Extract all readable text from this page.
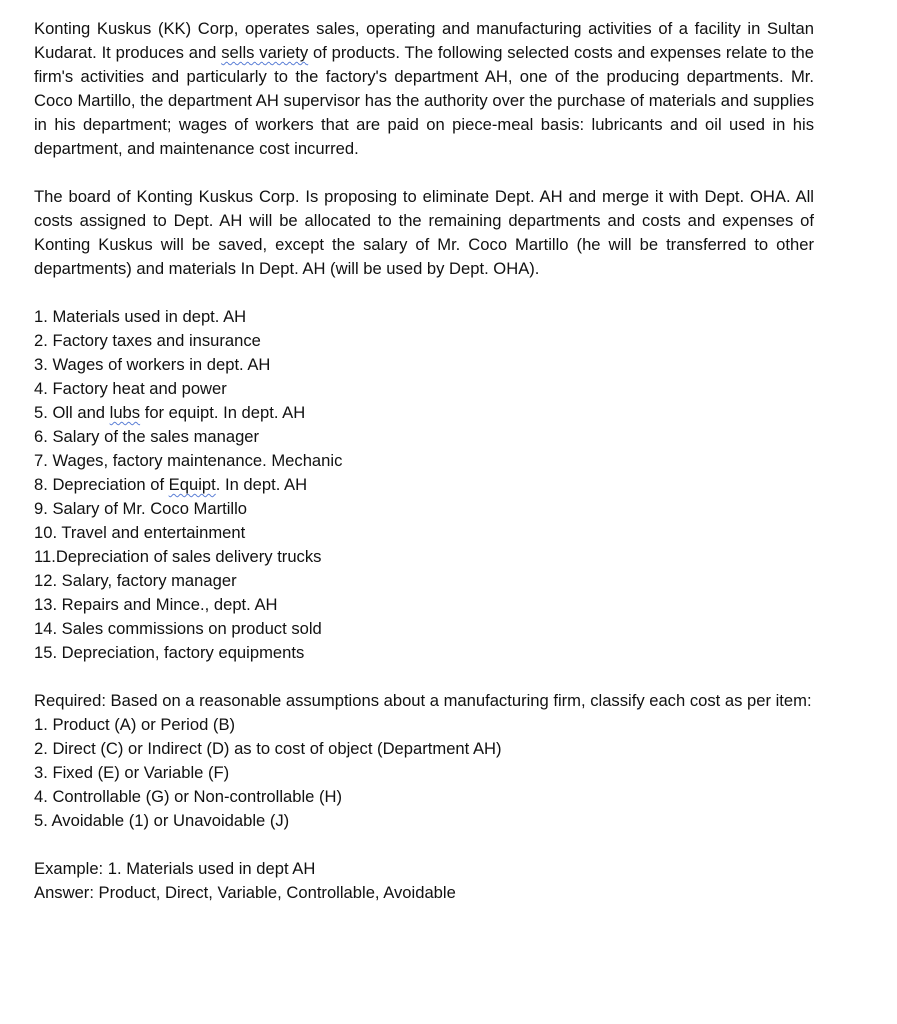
Konting Kuskus (KK) Corp, operates sales, operating and manufacturing activities of a facility in Sultan Kudarat. It produces and sells variety of products. The following selected costs and expenses relate to the firm's activities and particularly to the factory's department AH, one of the producing departments. Mr. Coco Martillo, the department AH supervisor has the authority over the purchase of materials and supplies in his department; wages of workers that are paid on piece-meal basis: lubricants and oil used in his department, and maintenance cost incurred.

The board of Konting Kuskus Corp. Is proposing to eliminate Dept. AH and merge it with Dept. OHA. All costs assigned to Dept. AH will be allocated to the remaining departments and costs and expenses of Konting Kuskus will be saved, except the salary of Mr. Coco Martillo (he will be transferred to other departments) and materials In Dept. AH (will be used by Dept. OHA).

1. Materials used in dept. AH
2. Factory taxes and insurance
3. Wages of workers in dept. AH
4. Factory heat and power
5. Oll and lubs for equipt. In dept. AH
6. Salary of the sales manager
7. Wages, factory maintenance. Mechanic
8. Depreciation of Equipt. In dept. AH
9. Salary of Mr. Coco Martillo
10. Travel and entertainment
11.Depreciation of sales delivery trucks
12. Salary, factory manager
13. Repairs and Mince., dept. AH
14. Sales commissions on product sold
15. Depreciation, factory equipments

Required: Based on a reasonable assumptions about a manufacturing firm, classify each cost as per item:

1. Product (A) or Period (B)
2. Direct (C) or Indirect (D) as to cost of object (Department AH)
3. Fixed (E) or Variable (F)
4. Controllable (G) or Non-controllable (H)
5. Avoidable (1) or Unavoidable (J)
Example: 1. Materials used in dept AH
Answer: Product, Direct, Variable, Controllable, Avoidable
